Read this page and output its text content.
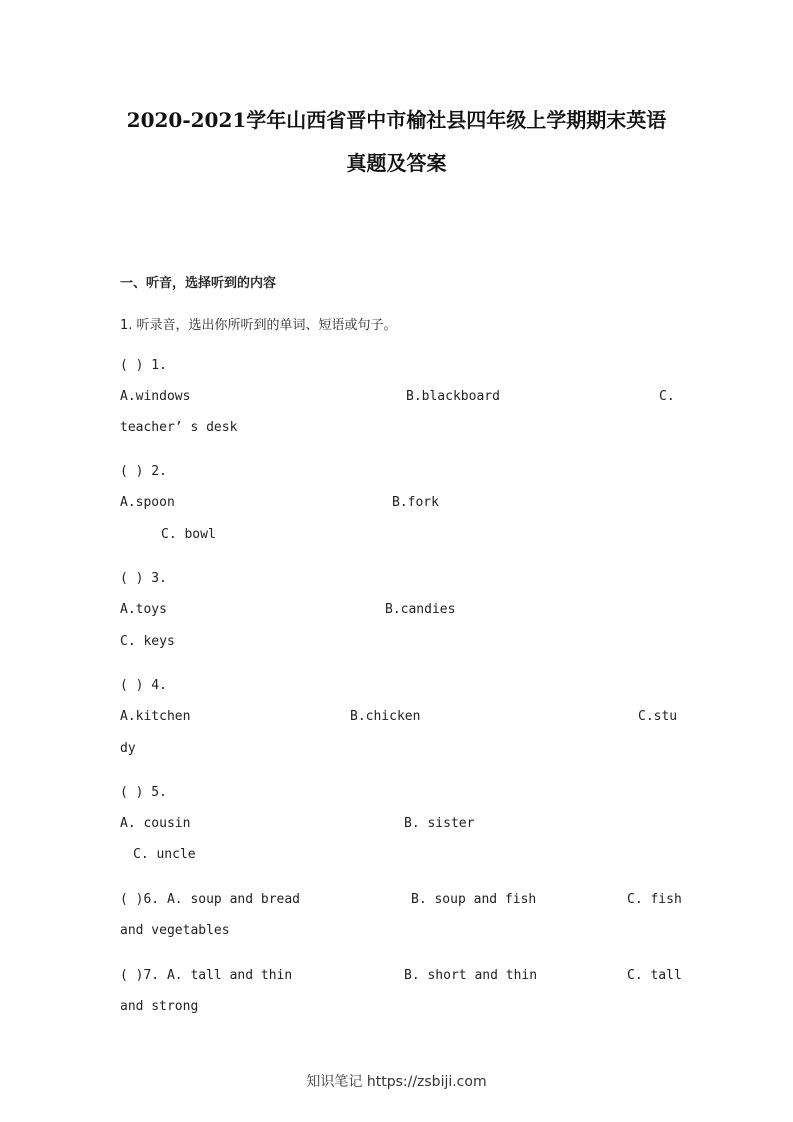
2020-2021学年山西省晋中市榆社县四年级上学期期末英语
真题及答案
一、听音，选择听到的内容
1. 听录音，选出你所听到的单词、短语或句子。
( ) 1.
A.windows	B.blackboard	C.
teacher’ s desk
( ) 2.
A.spoon	B.fork
C. bowl
( ) 3.
A.toys	B.candies
C. keys
( ) 4.
A.kitchen	B.chicken	C.stu
dy
( ) 5.
A. cousin	B. sister
C. uncle
( )6. A. soup and bread	B. soup and fish	C. fish
and vegetables
( )7. A. tall and thin	B. short and thin	C. tall
and strong
知识笔记 https://zsbiji.com
